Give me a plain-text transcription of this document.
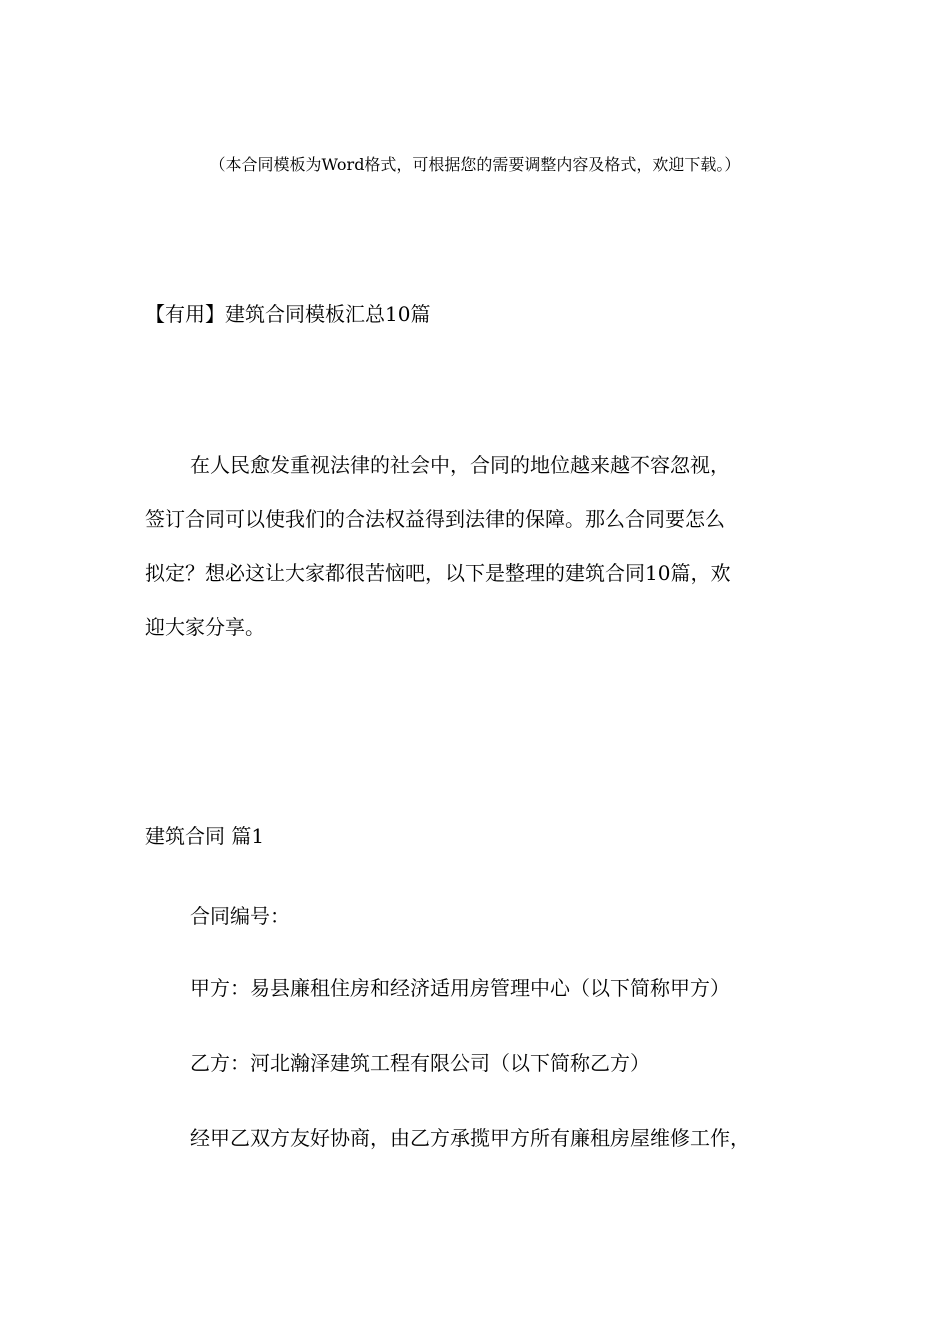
（本合同模板为Word格式，可根据您的需要调整内容及格式，欢迎下载。）
【有用】建筑合同模板汇总10篇

在人民愈发重视法律的社会中，合同的地位越来越不容忽视，

签订合同可以使我们的合法权益得到法律的保障。那么合同要怎么

拟定？想必这让大家都很苦恼吧，以下是整理的建筑合同10篇，欢

迎大家分享。

建筑合同 篇1
合同编号：
甲方：易县廉租住房和经济适用房管理中心（以下简称甲方）
乙方：河北瀚泽建筑工程有限公司（以下简称乙方）
经甲乙双方友好协商，由乙方承揽甲方所有廉租房屋维修工作，
